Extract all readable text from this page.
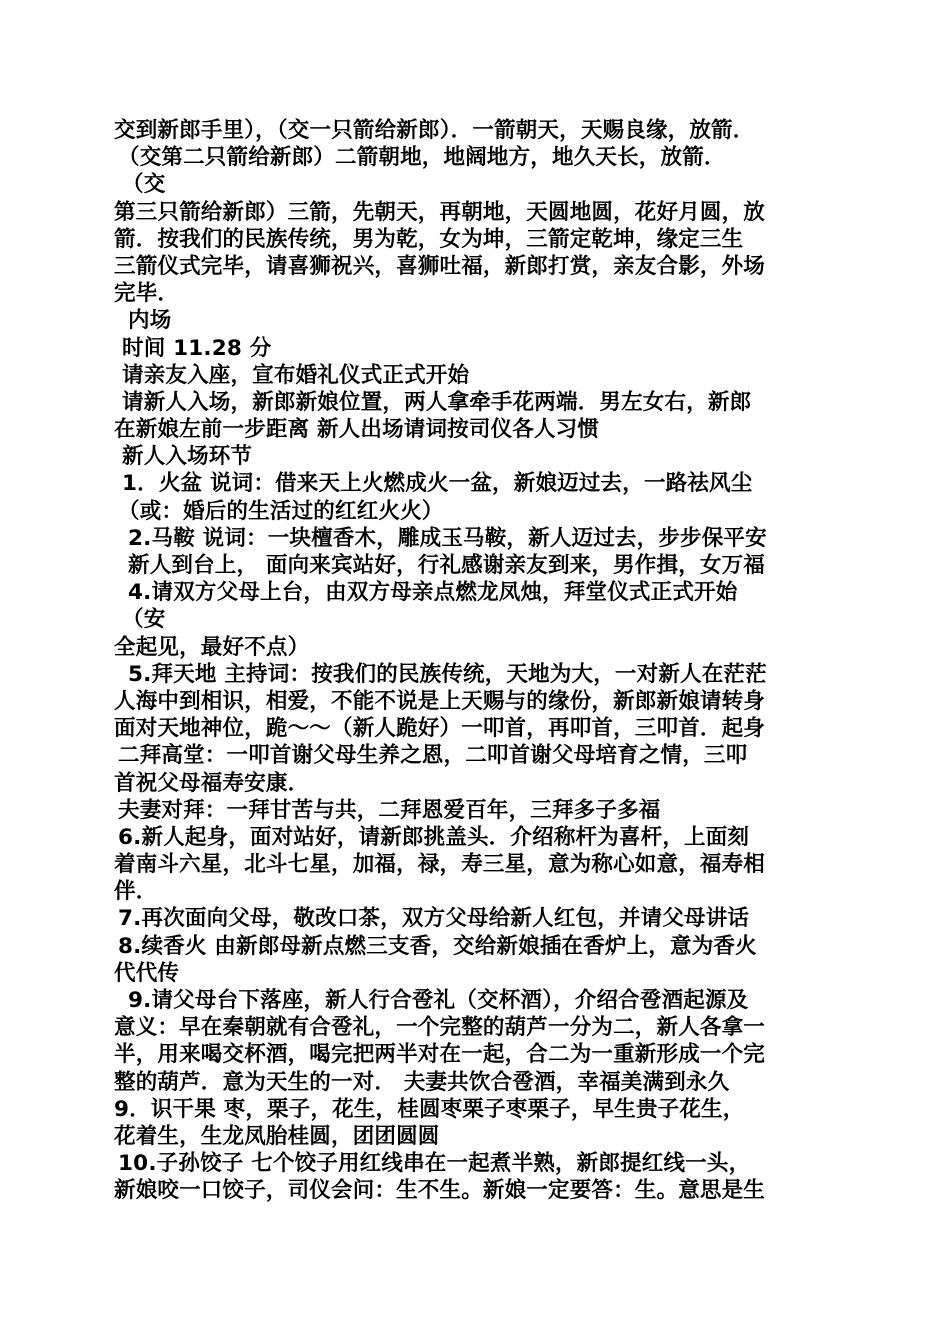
交到新郎手里），（交一只箭给新郎）．一箭朝天，天赐良缘，放箭．
（交第二只箭给新郎）二箭朝地，地阔地方，地久天长，放箭．
（交
第三只箭给新郎）三箭，先朝天，再朝地，天圆地圆，花好月圆，放
箭．按我们的民族传统，男为乾，女为坤，三箭定乾坤，缘定三生
三箭仪式完毕，请喜狮祝兴，喜狮吐福，新郎打赏，亲友合影，外场
完毕．
内场
时间 11.28 分
请亲友入座，宣布婚礼仪式正式开始
请新人入场，新郎新娘位置，两人拿牵手花两端．男左女右，新郎
在新娘左前一步距离 新人出场请词按司仪各人习惯
新人入场环节
1．火盆 说词：借来天上火燃成火一盆，新娘迈过去，一路祛风尘
（或：婚后的生活过的红红火火）
2.马鞍 说词：一块檀香木，雕成玉马鞍，新人迈过去，步步保平安
新人到台上， 面向来宾站好，行礼感谢亲友到来，男作揖，女万福
4.请双方父母上台，由双方母亲点燃龙凤烛，拜堂仪式正式开始
（安
全起见，最好不点）
5.拜天地 主持词：按我们的民族传统，天地为大，一对新人在茫茫
人海中到相识，相爱，不能不说是上天赐与的缘份，新郎新娘请转身
面对天地神位，跪～～（新人跪好）一叩首，再叩首，三叩首．起身
二拜高堂：一叩首谢父母生养之恩，二叩首谢父母培育之情，三叩
首祝父母福寿安康．
夫妻对拜：一拜甘苦与共，二拜恩爱百年，三拜多子多福
6.新人起身，面对站好，请新郎挑盖头．介绍称杆为喜杆，上面刻
着南斗六星，北斗七星，加福，禄，寿三星，意为称心如意，福寿相
伴．
7.再次面向父母，敬改口茶，双方父母给新人红包，并请父母讲话
8.续香火 由新郎母新点燃三支香，交给新娘插在香炉上，意为香火
代代传
9.请父母台下落座，新人行合卺礼（交杯酒），介绍合卺酒起源及
意义：早在秦朝就有合卺礼，一个完整的葫芦一分为二，新人各拿一
半，用来喝交杯酒，喝完把两半对在一起，合二为一重新形成一个完
整的葫芦．意为天生的一对． 夫妻共饮合卺酒，幸福美满到永久
9．识干果 枣，栗子，花生，桂圆枣栗子枣栗子，早生贵子花生，
花着生，生龙凤胎桂圆，团团圆圆
10.子孙饺子 七个饺子用红线串在一起煮半熟，新郎提红线一头，
新娘咬一口饺子，司仪会问：生不生。新娘一定要答：生。意思是生
